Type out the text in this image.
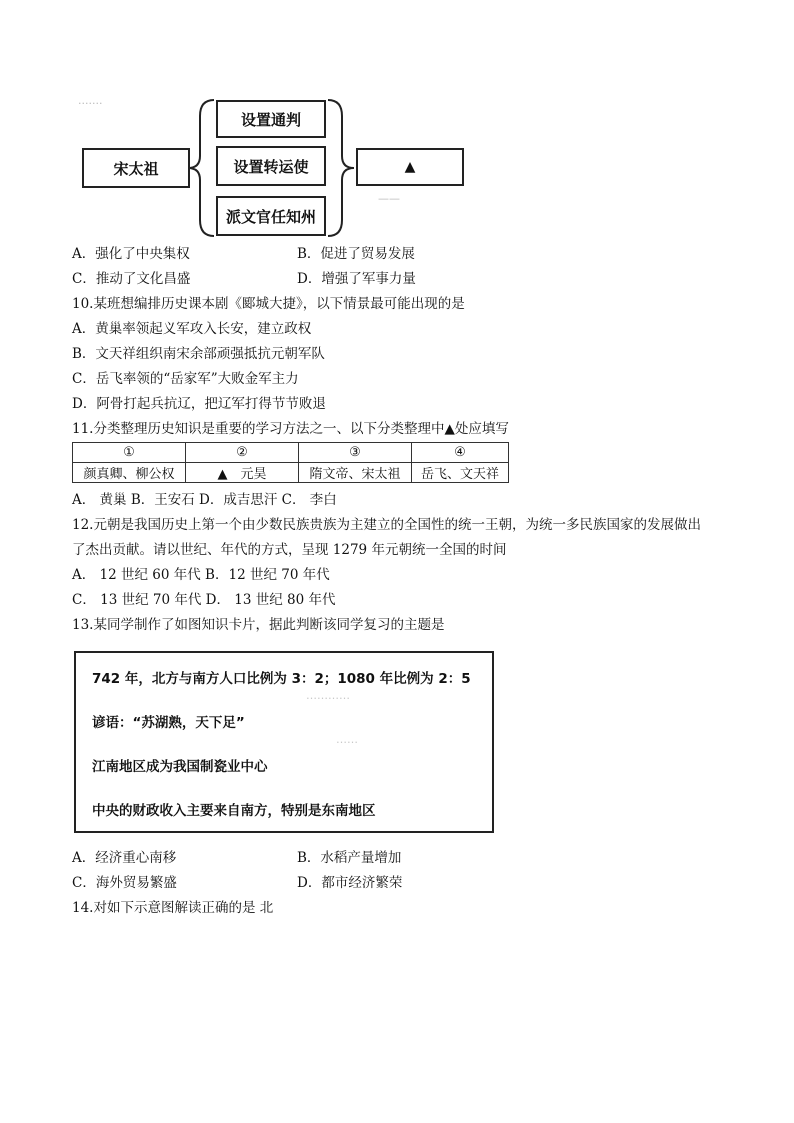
.......
宋太祖
设置通判
设置转运使
派文官任知州
▲
——
A．强化了中央集权	B．促进了贸易发展
C．推动了文化昌盛	D．增强了军事力量
10.某班想编排历史课本剧《郾城大捷》，以下情景最可能出现的是
A．黄巢率领起义军攻入长安，建立政权
B．文天祥组织南宋余部顽强抵抗元朝军队
C．岳飞率领的“岳家军”大败金军主力
D．阿骨打起兵抗辽，把辽军打得节节败退
11.分类整理历史知识是重要的学习方法之一、以下分类整理中▲处应填写
①	②	③	④
颜真卿、柳公权	▲　元昊	隋文帝、宋太祖	岳飞、文天祥
A． 黄巢 B．王安石 D．成吉思汗 C． 李白
12.元朝是我国历史上第一个由少数民族贵族为主建立的全国性的统一王朝，为统一多民族国家的发展做出
了杰出贡献。请以世纪、年代的方式，呈现 1279 年元朝统一全国的时间
A． 12 世纪 60 年代 B．12 世纪 70 年代
C． 13 世纪 70 年代 D． 13 世纪 80 年代
13.某同学制作了如图知识卡片，据此判断该同学复习的主题是
742 年，北方与南方人口比例为 3：2；1080 年比例为 2：5
谚语：“苏湖熟，天下足”
江南地区成为我国制瓷业中心
中央的财政收入主要来自南方，特别是东南地区
…………
……
A．经济重心南移	B．水稻产量增加
C．海外贸易繁盛	D．都市经济繁荣
14.对如下示意图解读正确的是 北
